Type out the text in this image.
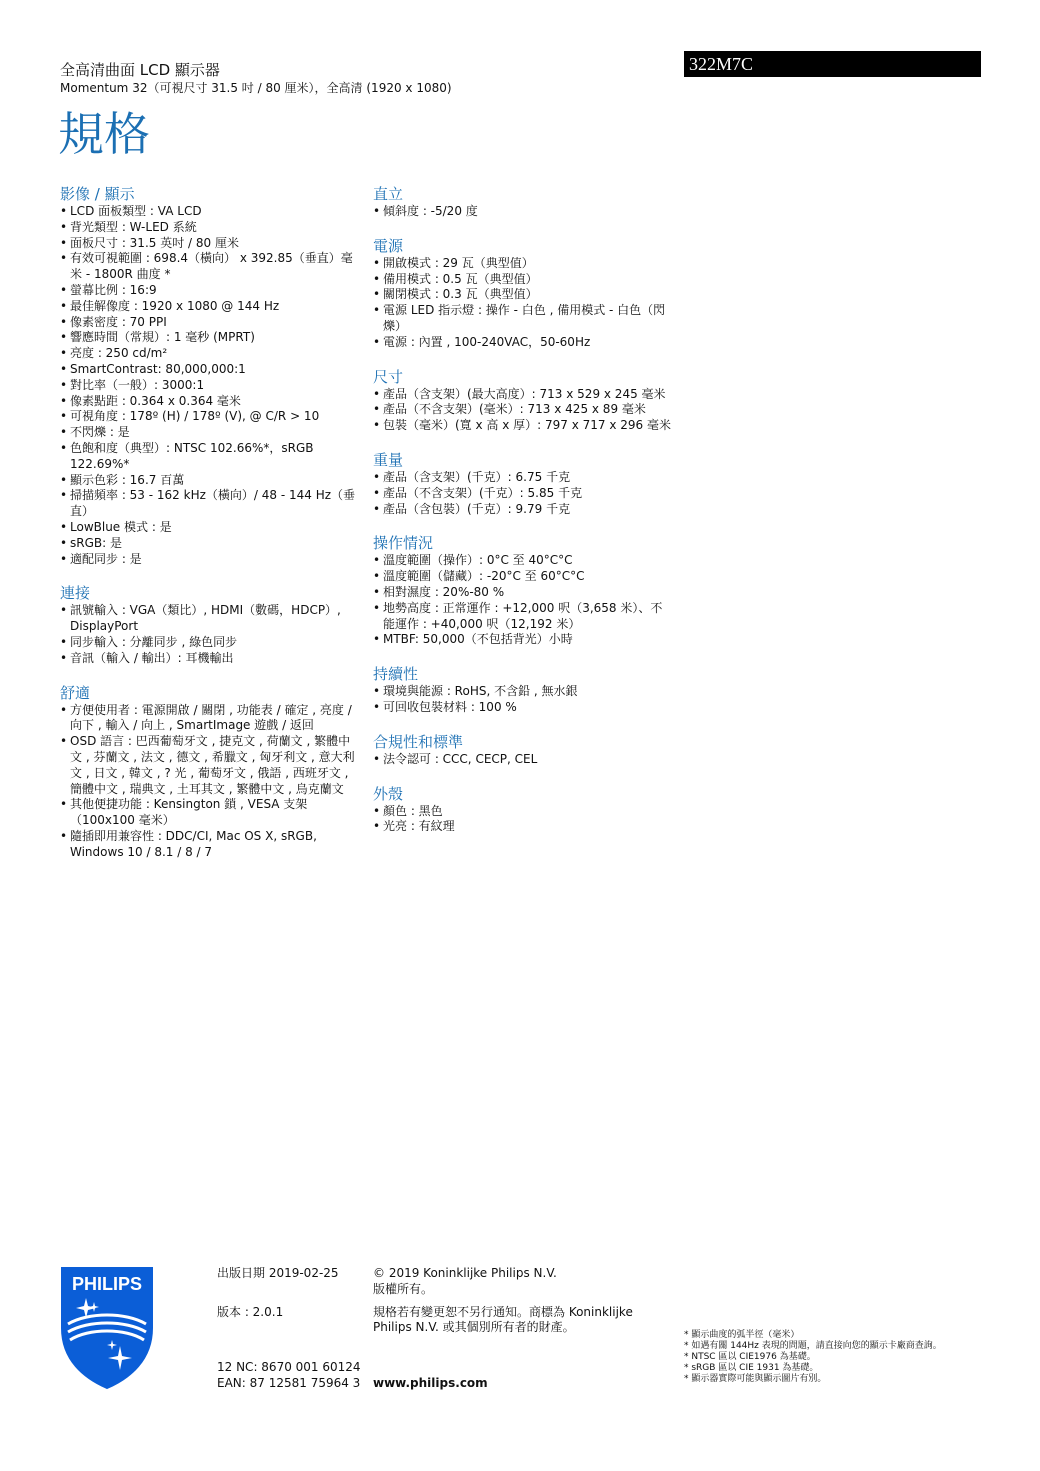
全高清曲面 LCD 顯示器
Momentum 32（可視尺寸 31.5 吋 / 80 厘米），全高清 (1920 x 1080)
322M7C
規格
影像 / 顯示
• LCD 面板類型 : VA LCD
• 背光類型 : W-LED 系統
• 面板尺寸 : 31.5 英吋 / 80 厘米
• 有效可視範圍 : 698.4（橫向） x 392.85（垂直）毫米 - 1800R 曲度 *
• 螢幕比例 : 16:9
• 最佳解像度 : 1920 x 1080 @ 144 Hz
• 像素密度 : 70 PPI
• 響應時間（常規）: 1 毫秒 (MPRT)
• 亮度 : 250 cd/m²
• SmartContrast: 80,000,000:1
• 對比率（一般）: 3000:1
• 像素點距 : 0.364 x 0.364 毫米
• 可視角度 : 178º (H) / 178º (V), @ C/R > 10
• 不閃爍 : 是
• 色飽和度（典型）: NTSC 102.66%*，sRGB 122.69%*
• 顯示色彩 : 16.7 百萬
• 掃描頻率 : 53 - 162 kHz（橫向）/ 48 - 144 Hz（垂直）
• LowBlue 模式 : 是
• sRGB: 是
• 適配同步 : 是
連接
• 訊號輸入 : VGA（類比）, HDMI（數碼，HDCP）, DisplayPort
• 同步輸入 : 分離同步 , 綠色同步
• 音訊（輸入 / 輸出）: 耳機輸出
舒適
• 方便使用者 : 電源開啟 / 關閉 , 功能表 / 確定 , 亮度 / 向下 , 輸入 / 向上 , SmartImage 遊戲 / 返回
• OSD 語言 : 巴西葡萄牙文 , 捷克文 , 荷蘭文 , 繁體中文 , 芬蘭文 , 法文 , 德文 , 希臘文 , 匈牙利文 , 意大利文 , 日文 , 韓文 , ? 光 , 葡萄牙文 , 俄語 , 西班牙文 , 簡體中文 , 瑞典文 , 土耳其文 , 繁體中文 , 烏克蘭文
• 其他便捷功能 : Kensington 鎖 , VESA 支架（100x100 毫米）
• 隨插即用兼容性 : DDC/CI, Mac OS X, sRGB, Windows 10 / 8.1 / 8 / 7
直立
• 傾斜度 : -5/20 度
電源
• 開啟模式 : 29 瓦（典型值）
• 備用模式 : 0.5 瓦（典型值）
• 關閉模式 : 0.3 瓦（典型值）
• 電源 LED 指示燈 : 操作 - 白色 , 備用模式 - 白色（閃爍）
• 電源 : 內置 , 100-240VAC，50-60Hz
尺寸
• 產品（含支架）(最大高度）: 713 x 529 x 245 毫米
• 產品（不含支架）(毫米）: 713 x 425 x 89 毫米
• 包裝（毫米）(寬 x 高 x 厚）: 797 x 717 x 296 毫米
重量
• 產品（含支架）(千克）: 6.75 千克
• 產品（不含支架）(千克）: 5.85 千克
• 產品（含包裝）(千克）: 9.79 千克
操作情況
• 溫度範圍（操作）: 0°C 至 40°C°C
• 溫度範圍（儲藏）: -20°C 至 60°C°C
• 相對濕度 : 20%-80 %
• 地勢高度 : 正常運作 : +12,000 呎（3,658 米）、不能運作 : +40,000 呎（12,192 米）
• MTBF: 50,000（不包括背光）小時
持續性
• 環境與能源 : RoHS, 不含鉛 , 無水銀
• 可回收包裝材料 : 100 %
合規性和標準
• 法令認可 : CCC, CECP, CEL
外殼
• 顏色 : 黑色
• 光亮 : 有紋理
PHILIPS
出版日期 2019-02-25
版本 : 2.0.1
12 NC: 8670 001 60124
EAN: 87 12581 75964 3
© 2019 Koninklijke Philips N.V.
版權所有。
規格若有變更恕不另行通知。商標為 Koninklijke Philips N.V. 或其個別所有者的財產。
www.philips.com
* 顯示曲度的弧半徑（毫米）
* 如遇有關 144Hz 表現的問題，請直接向您的顯示卡廠商查詢。
* NTSC 區以 CIE1976 為基礎。
* sRGB 區以 CIE 1931 為基礎。
* 顯示器實際可能與顯示圖片有別。
